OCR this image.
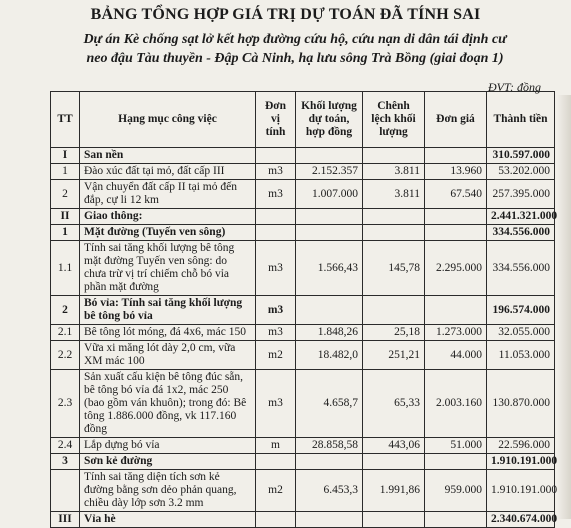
BẢNG TỔNG HỢP GIÁ TRỊ DỰ TOÁN ĐÃ TÍNH SAI
Dự án Kè chống sạt lở kết hợp đường cứu hộ, cứu nạn di dân tái định cư
neo đậu Tàu thuyền - Đập Cà Ninh, hạ lưu sông Trà Bồng (giai đoạn 1)
ĐVT: đồng
TT	Hạng mục công việc	Đơn vị tính	Khối lượng dự toán, hợp đồng	Chênh lệch khối lượng	Đơn giá	Thành tiền
I	San nền					310.597.000
1	Đào xúc đất tại mỏ, đất cấp III	m3	2.152.357	3.811	13.960	53.202.000
2	Vận chuyển đất cấp II tại mỏ đến đắp, cự li 12 km	m3	1.007.000	3.811	67.540	257.395.000
II	Giao thông:					2.441.321.000
1	Mặt đường (Tuyến ven sông)					334.556.000
1.1	Tính sai tăng khối lượng bê tông mặt đường Tuyến ven sông: do chưa trừ vị trí chiếm chỗ bó vỉa phần mặt đường	m3	1.566,43	145,78	2.295.000	334.556.000
2	Bó vỉa: Tính sai tăng khối lượng bê tông bó vỉa	m3				196.574.000
2.1	Bê tông lót móng, đá 4x6, mác 150	m3	1.848,26	25,18	1.273.000	32.055.000
2.2	Vữa xi măng lót dày 2,0 cm, vữa XM mác 100	m2	18.482,0	251,21	44.000	11.053.000
2.3	Sản xuất cấu kiện bê tông đúc sẵn, bê tông bó vỉa đá 1x2, mác 250 (bao gồm ván khuôn); trong đó: Bê tông 1.886.000 đồng, vk 117.160 đồng	m3	4.658,7	65,33	2.003.160	130.870.000
2.4	Lắp dựng bó vỉa	m	28.858,58	443,06	51.000	22.596.000
3	Sơn kẻ đường					1.910.191.000
	Tính sai tăng diện tích sơn kẻ đường bằng sơn dẻo phản quang, chiều dày lớp sơn 3.2 mm	m2	6.453,3	1.991,86	959.000	1.910.191.000
III	Vỉa hè					2.340.674.000
